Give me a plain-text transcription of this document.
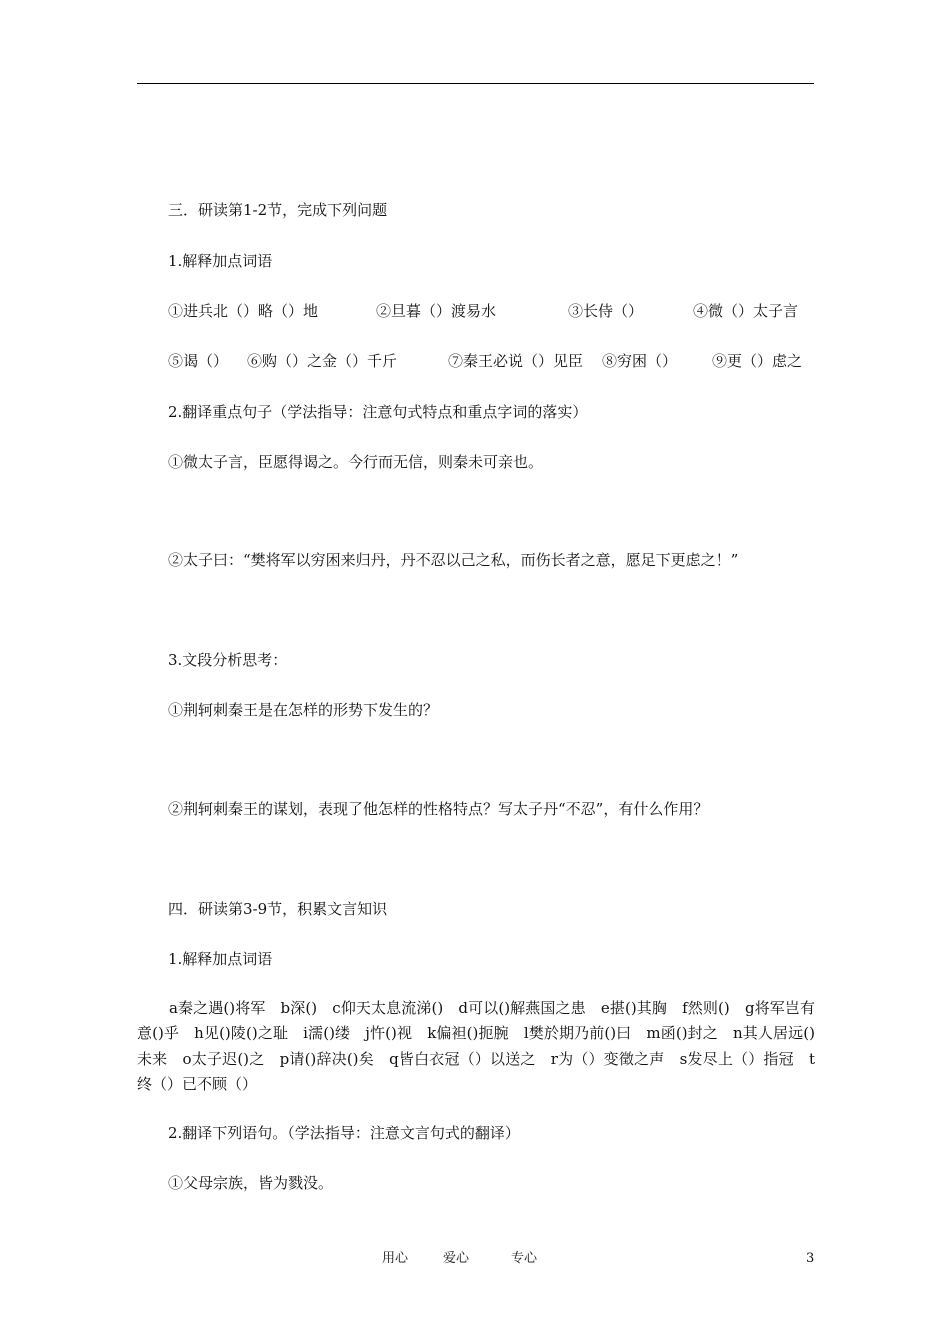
三．研读第1-2节，完成下列问题
1.解释加点词语
①进兵北（）略（）地	②旦暮（）渡易水	③长侍（）	④微（）太子言
⑤谒（） ⑥购（）之金（）千斤	⑦秦王必说（）见臣 ⑧穷困（） ⑨更（）虑之
2.翻译重点句子（学法指导：注意句式特点和重点字词的落实）
①微太子言，臣愿得谒之。今行而无信，则秦未可亲也。
②太子曰：“樊将军以穷困来归丹，丹不忍以己之私，而伤长者之意，愿足下更虑之！”
3.文段分析思考：
①荆轲刺秦王是在怎样的形势下发生的？
②荆轲刺秦王的谋划，表现了他怎样的性格特点？写太子丹“不忍”，有什么作用？
四．研读第3-9节，积累文言知识
1.解释加点词语
a秦之遇()将军　b深()　c仰天太息流涕()　d可以()解燕国之患　e揕()其胸　f然则()　g将军岂有意()乎　h见()陵()之耻　i濡()缕　j忤()视　k偏袒()扼腕　l樊於期乃前()曰　m函()封之　n其人居远()未来　o太子迟()之　p请()辞决()矣　q皆白衣冠（）以送之　r为（）变徵之声　s发尽上（）指冠　t终（）已不顾（）
2.翻译下列语句。（学法指导：注意文言句式的翻译）
①父母宗族，皆为戮没。
用心	爱心	专心	3
